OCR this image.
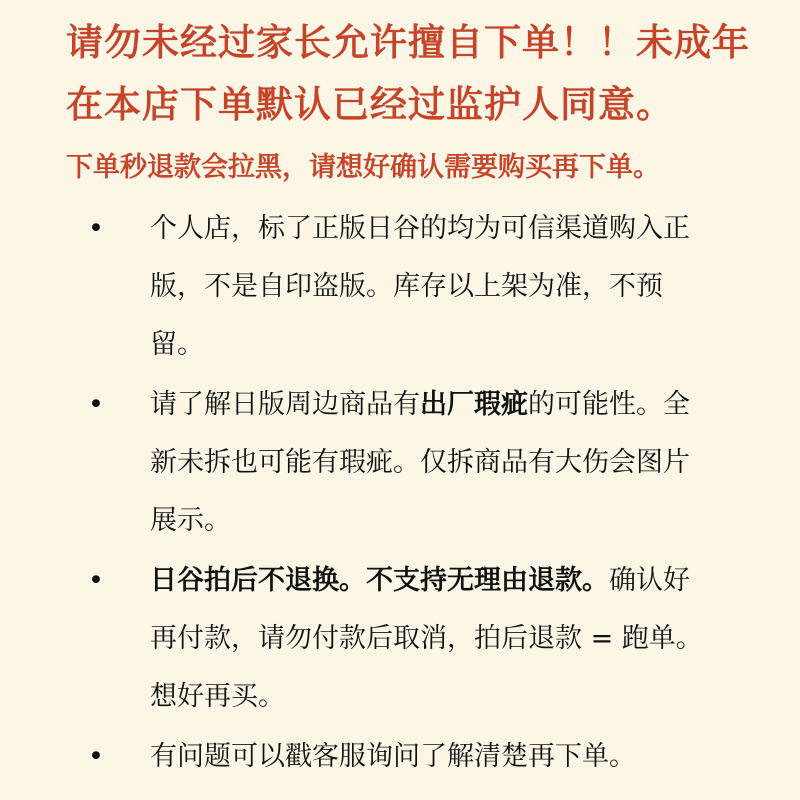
请勿未经过家长允许擅自下单！！未成年
在本店下单默认已经过监护人同意。

下单秒退款会拉黑，请想好确认需要购买再下单。

• 个人店，标了正版日谷的均为可信渠道购入正
版，不是自印盗版。库存以上架为准，不预
留。
• 请了解日版周边商品有出厂瑕疵的可能性。全
新未拆也可能有瑕疵。仅拆商品有大伤会图片
展示。
• 日谷拍后不退换。不支持无理由退款。确认好
再付款，请勿付款后取消，拍后退款 = 跑单。
想好再买。
• 有问题可以戳客服询问了解清楚再下单。
